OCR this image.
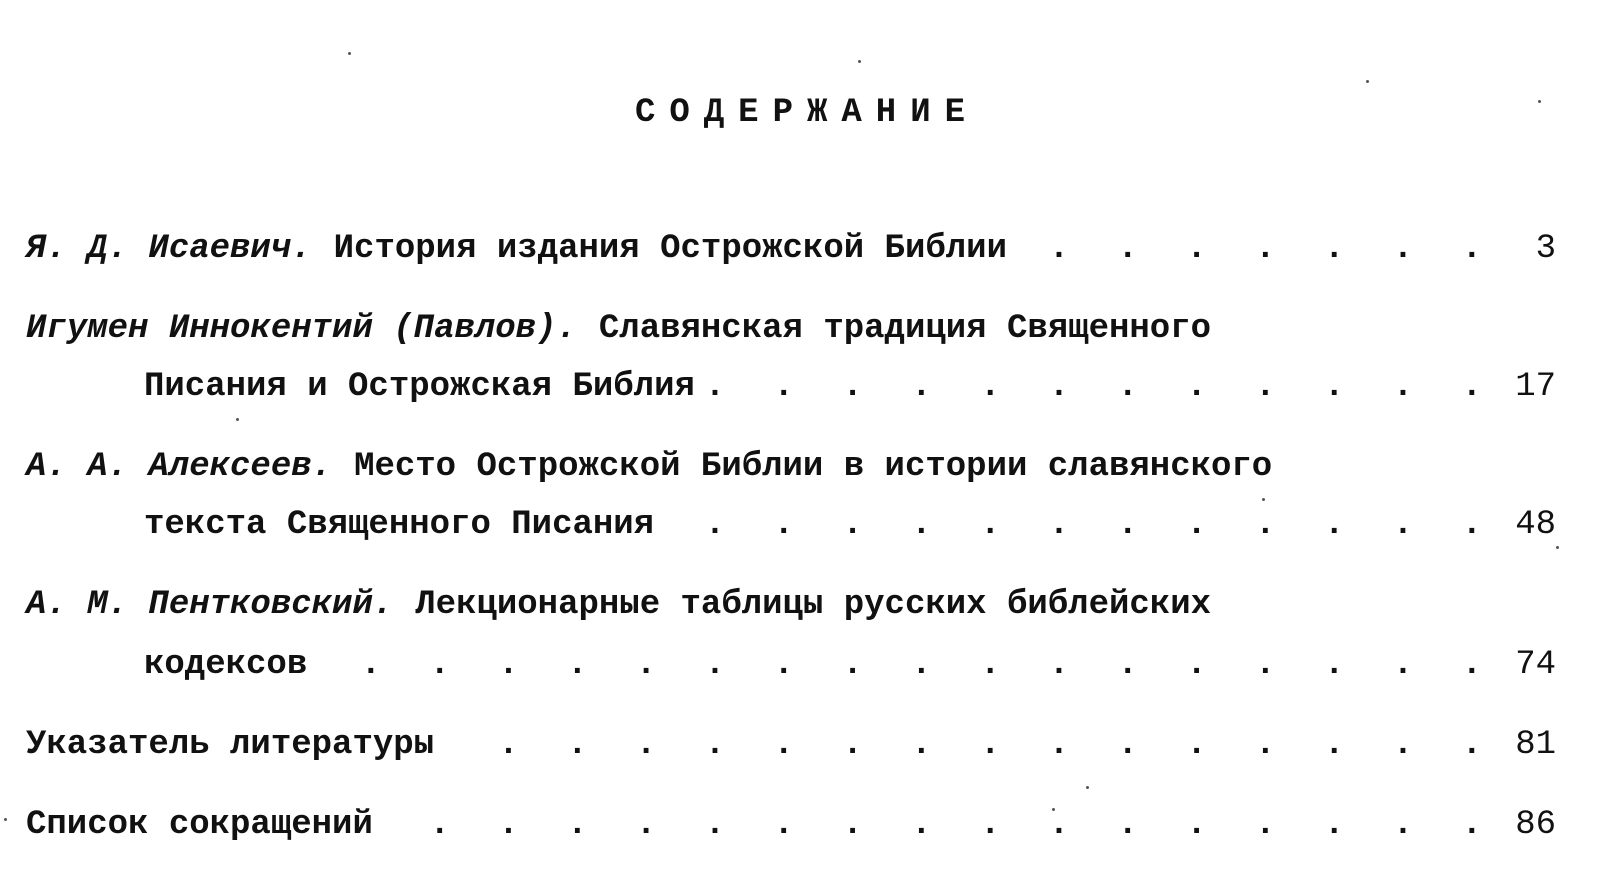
СОДЕРЖАНИЕ
Я. Д. Исаевич. История издания Острожской Библии . . .	3
Игумен Иннокентий (Павлов). Славянская традиция Священного
Писания и Острожская Библия . . .	17
А. А. Алексеев. Место Острожской Библии в истории славянского
текста Священного Писания . . .	48
А. М. Пентковский. Лекционарные таблицы русских библейских
кодексов . . .	74
Указатель литературы . . .	81
Список сокращений . . .	86
